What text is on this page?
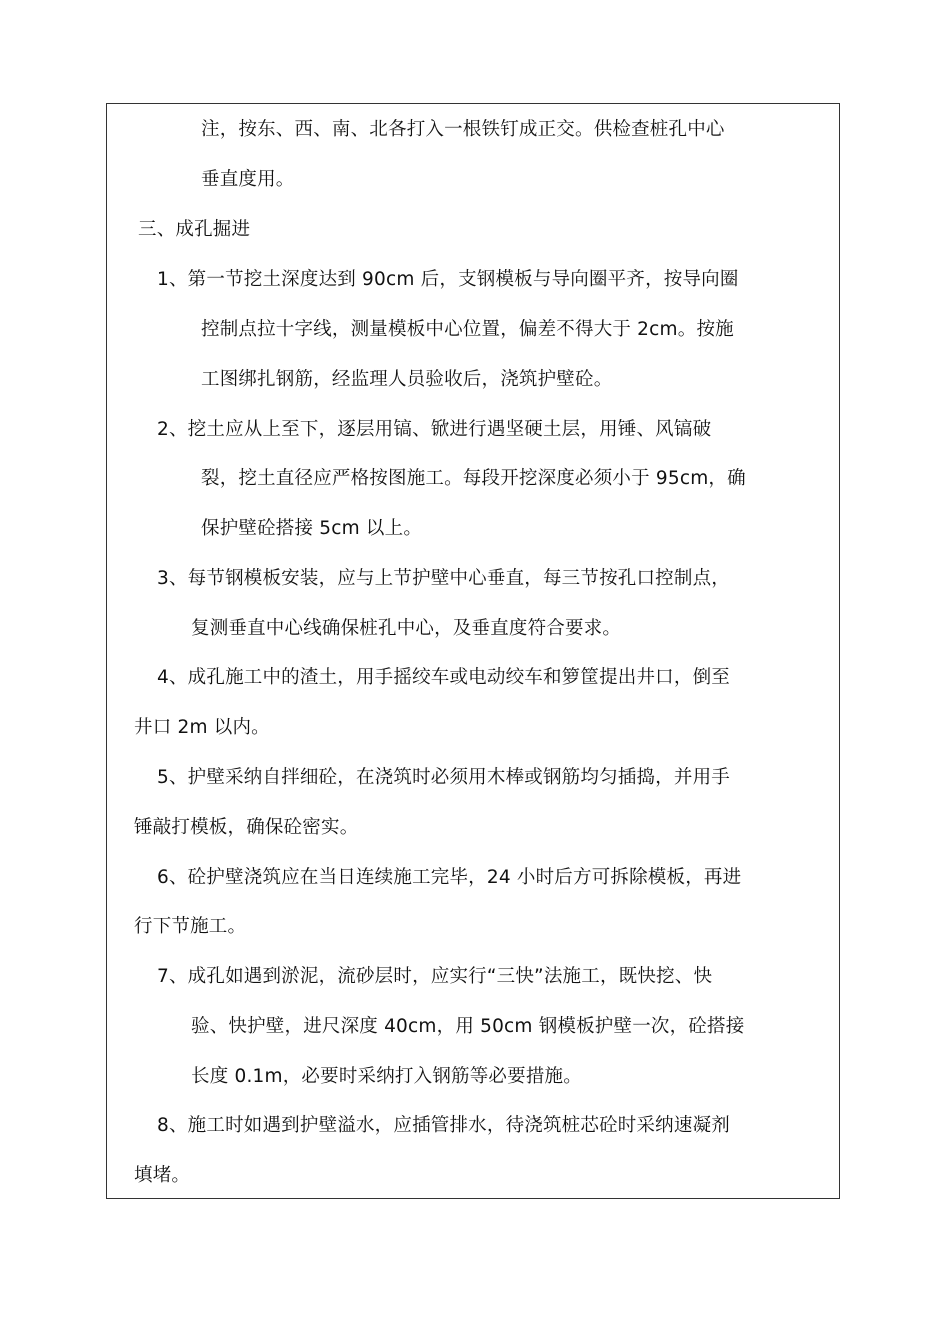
注，按东、西、南、北各打入一根铁钉成正交。供检查桩孔中心
垂直度用。
三、成孔掘进
1、第一节挖土深度达到 90cm 后，支钢模板与导向圈平齐，按导向圈
控制点拉十字线，测量模板中心位置，偏差不得大于 2cm。按施
工图绑扎钢筋，经监理人员验收后，浇筑护壁砼。
2、挖土应从上至下，逐层用镐、锨进行遇坚硬土层，用锤、风镐破
裂，挖土直径应严格按图施工。每段开挖深度必须小于 95cm，确
保护壁砼搭接 5cm 以上。
3、每节钢模板安装，应与上节护壁中心垂直，每三节按孔口控制点，
复测垂直中心线确保桩孔中心，及垂直度符合要求。
4、成孔施工中的渣土，用手摇绞车或电动绞车和箩筐提出井口，倒至
井口 2m 以内。
5、护壁采纳自拌细砼，在浇筑时必须用木棒或钢筋均匀插捣，并用手
锤敲打模板，确保砼密实。
6、砼护壁浇筑应在当日连续施工完毕，24 小时后方可拆除模板，再进
行下节施工。
7、成孔如遇到淤泥，流砂层时，应实行“三快”法施工，既快挖、快
验、快护壁，进尺深度 40cm，用 50cm 钢模板护壁一次，砼搭接
长度 0.1m，必要时采纳打入钢筋等必要措施。
8、施工时如遇到护壁溢水，应插管排水，待浇筑桩芯砼时采纳速凝剂
填堵。
